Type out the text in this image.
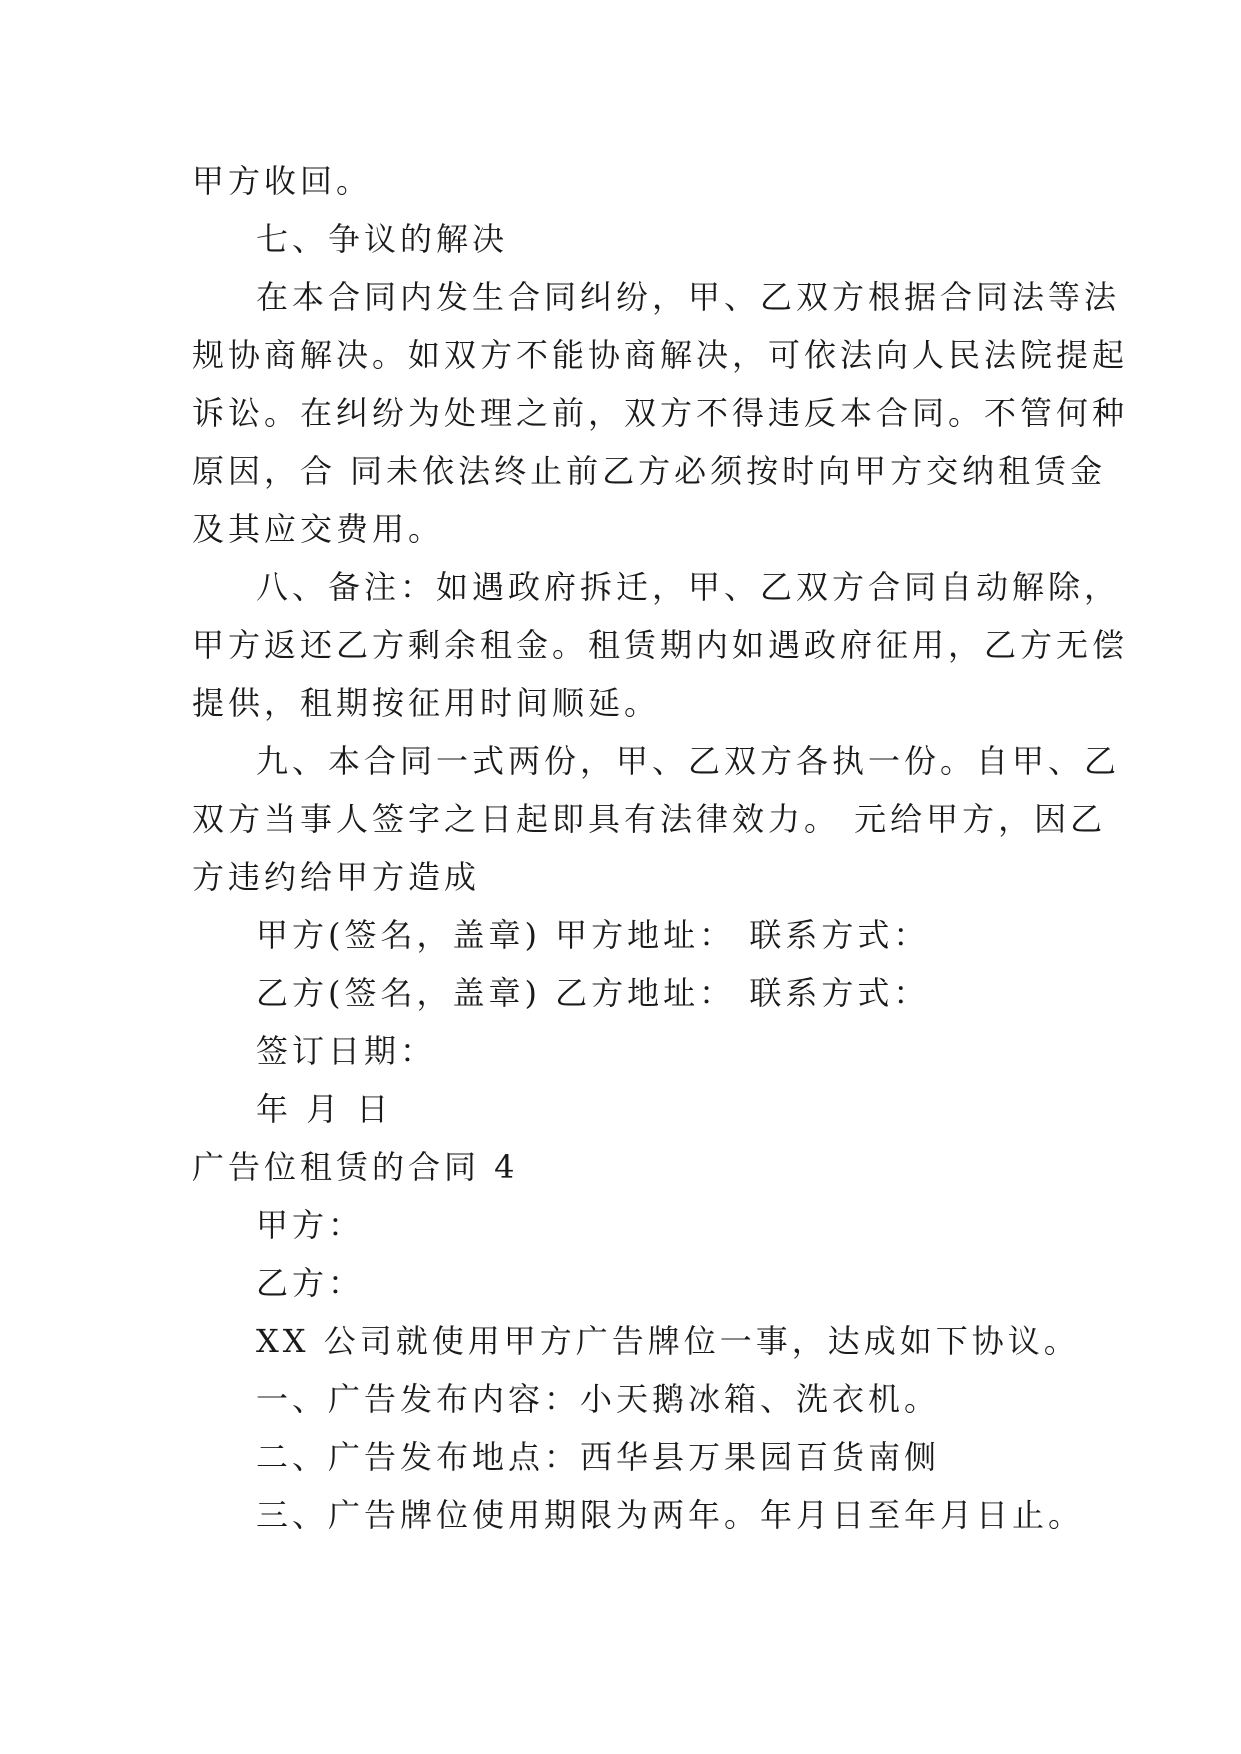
甲方收回。
七、争议的解决
在本合同内发生合同纠纷，甲、乙双方根据合同法等法
规协商解决。如双方不能协商解决，可依法向人民法院提起
诉讼。在纠纷为处理之前，双方不得违反本合同。不管何种
原因，合 同未依法终止前乙方必须按时向甲方交纳租赁金
及其应交费用。
八、备注：如遇政府拆迁，甲、乙双方合同自动解除，
甲方返还乙方剩余租金。租赁期内如遇政府征用，乙方无偿
提供，租期按征用时间顺延。
九、本合同一式两份，甲、乙双方各执一份。自甲、乙
双方当事人签字之日起即具有法律效力。 元给甲方，因乙
方违约给甲方造成
甲方(签名，盖章) 甲方地址： 联系方式：
乙方(签名，盖章) 乙方地址： 联系方式：
签订日期：
年 月 日
广告位租赁的合同 4
甲方：
乙方：
XX 公司就使用甲方广告牌位一事，达成如下协议。
一、广告发布内容：小天鹅冰箱、洗衣机。
二、广告发布地点：西华县万果园百货南侧
三、广告牌位使用期限为两年。年月日至年月日止。
